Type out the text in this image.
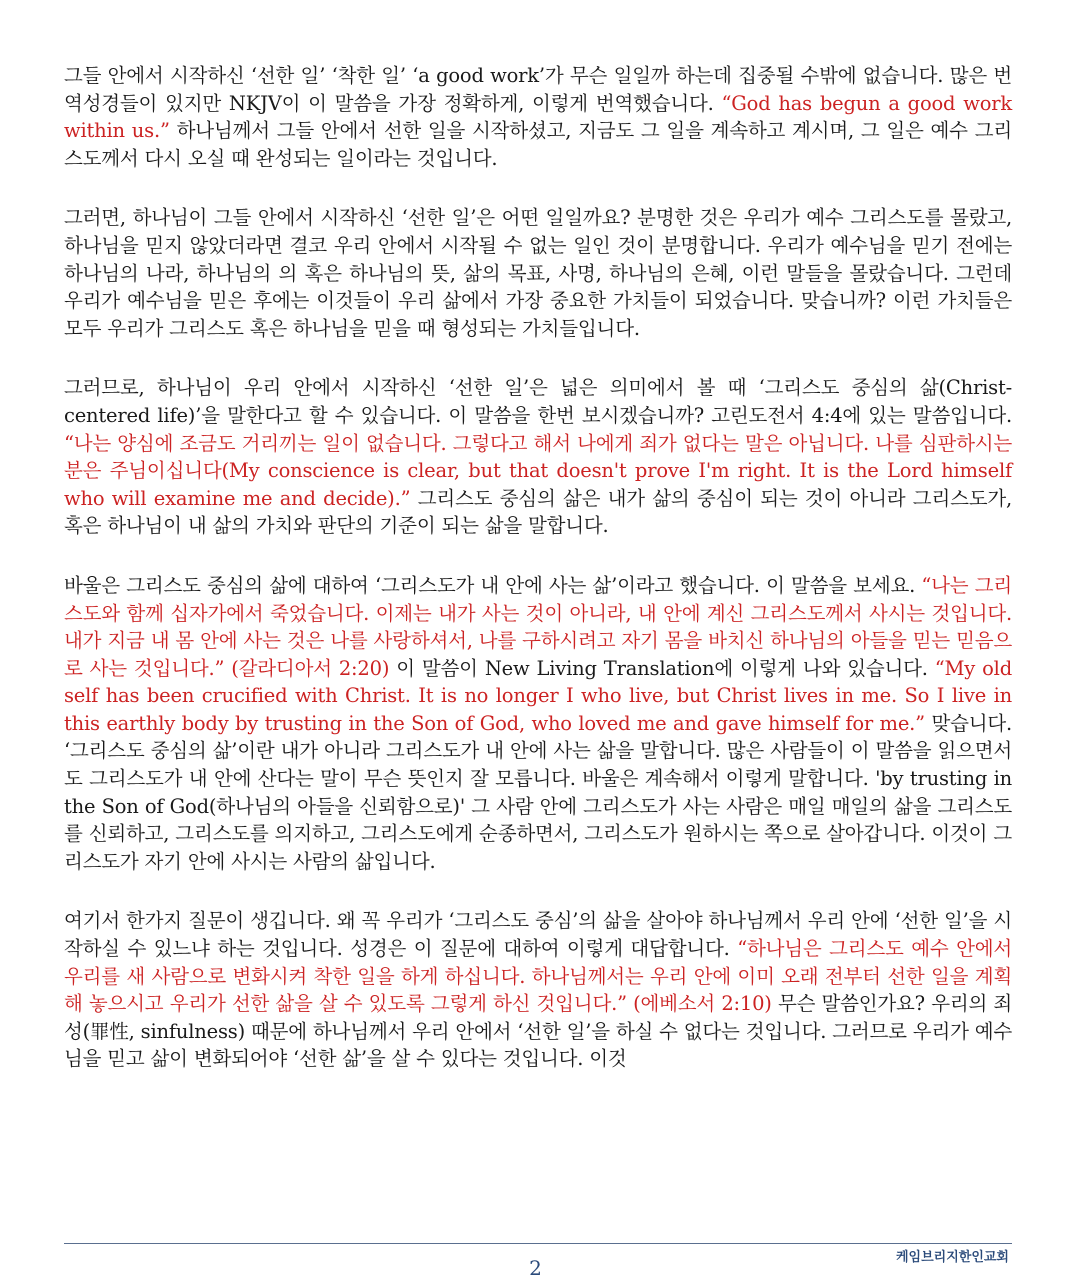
그들 안에서 시작하신 ‘선한 일’ ‘착한 일’ ‘a good work’가 무슨 일일까 하는데 집중될 수밖에 없습니다. 많은 번역성경들이 있지만 NKJV이 이 말씀을 가장 정확하게, 이렇게 번역했습니다. “God has begun a good work within us.” 하나님께서 그들 안에서 선한 일을 시작하셨고, 지금도 그 일을 계속하고 계시며, 그 일은 예수 그리스도께서 다시 오실 때 완성되는 일이라는 것입니다.

그러면, 하나님이 그들 안에서 시작하신 ‘선한 일’은 어떤 일일까요? 분명한 것은 우리가 예수 그리스도를 몰랐고, 하나님을 믿지 않았더라면 결코 우리 안에서 시작될 수 없는 일인 것이 분명합니다. 우리가 예수님을 믿기 전에는 하나님의 나라, 하나님의 의 혹은 하나님의 뜻, 삶의 목표, 사명, 하나님의 은혜, 이런 말들을 몰랐습니다. 그런데 우리가 예수님을 믿은 후에는 이것들이 우리 삶에서 가장 중요한 가치들이 되었습니다. 맞습니까? 이런 가치들은 모두 우리가 그리스도 혹은 하나님을 믿을 때 형성되는 가치들입니다.

그러므로, 하나님이 우리 안에서 시작하신 ‘선한 일’은 넓은 의미에서 볼 때 ‘그리스도 중심의 삶(Christ-centered life)’을 말한다고 할 수 있습니다. 이 말씀을 한번 보시겠습니까? 고린도전서 4:4에 있는 말씀입니다. “나는 양심에 조금도 거리끼는 일이 없습니다. 그렇다고 해서 나에게 죄가 없다는 말은 아닙니다. 나를 심판하시는 분은 주님이십니다(My conscience is clear, but that doesn't prove I'm right. It is the Lord himself who will examine me and decide).” 그리스도 중심의 삶은 내가 삶의 중심이 되는 것이 아니라 그리스도가, 혹은 하나님이 내 삶의 가치와 판단의 기준이 되는 삶을 말합니다.

바울은 그리스도 중심의 삶에 대하여 ‘그리스도가 내 안에 사는 삶’이라고 했습니다. 이 말씀을 보세요. “나는 그리스도와 함께 십자가에서 죽었습니다. 이제는 내가 사는 것이 아니라, 내 안에 계신 그리스도께서 사시는 것입니다. 내가 지금 내 몸 안에 사는 것은 나를 사랑하셔서, 나를 구하시려고 자기 몸을 바치신 하나님의 아들을 믿는 믿음으로 사는 것입니다.” (갈라디아서 2:20) 이 말씀이 New Living Translation에 이렇게 나와 있습니다. “My old self has been crucified with Christ. It is no longer I who live, but Christ lives in me. So I live in this earthly body by trusting in the Son of God, who loved me and gave himself for me.” 맞습니다. ‘그리스도 중심의 삶’이란 내가 아니라 그리스도가 내 안에 사는 삶을 말합니다. 많은 사람들이 이 말씀을 읽으면서도 그리스도가 내 안에 산다는 말이 무슨 뜻인지 잘 모릅니다. 바울은 계속해서 이렇게 말합니다. 'by trusting in the Son of God(하나님의 아들을 신뢰함으로)' 그 사람 안에 그리스도가 사는 사람은 매일 매일의 삶을 그리스도를 신뢰하고, 그리스도를 의지하고, 그리스도에게 순종하면서, 그리스도가 원하시는 쪽으로 살아갑니다. 이것이 그리스도가 자기 안에 사시는 사람의 삶입니다.

여기서 한가지 질문이 생깁니다. 왜 꼭 우리가 ‘그리스도 중심’의 삶을 살아야 하나님께서 우리 안에 ‘선한 일’을 시작하실 수 있느냐 하는 것입니다. 성경은 이 질문에 대하여 이렇게 대답합니다. “하나님은 그리스도 예수 안에서 우리를 새 사람으로 변화시켜 착한 일을 하게 하십니다. 하나님께서는 우리 안에 이미 오래 전부터 선한 일을 계획해 놓으시고 우리가 선한 삶을 살 수 있도록 그렇게 하신 것입니다.” (에베소서 2:10) 무슨 말씀인가요? 우리의 죄성(罪性, sinfulness) 때문에 하나님께서 우리 안에서 ‘선한 일’을 하실 수 없다는 것입니다. 그러므로 우리가 예수님을 믿고 삶이 변화되어야 ‘선한 삶’을 살 수 있다는 것입니다. 이것

케임브리지한인교회
2
